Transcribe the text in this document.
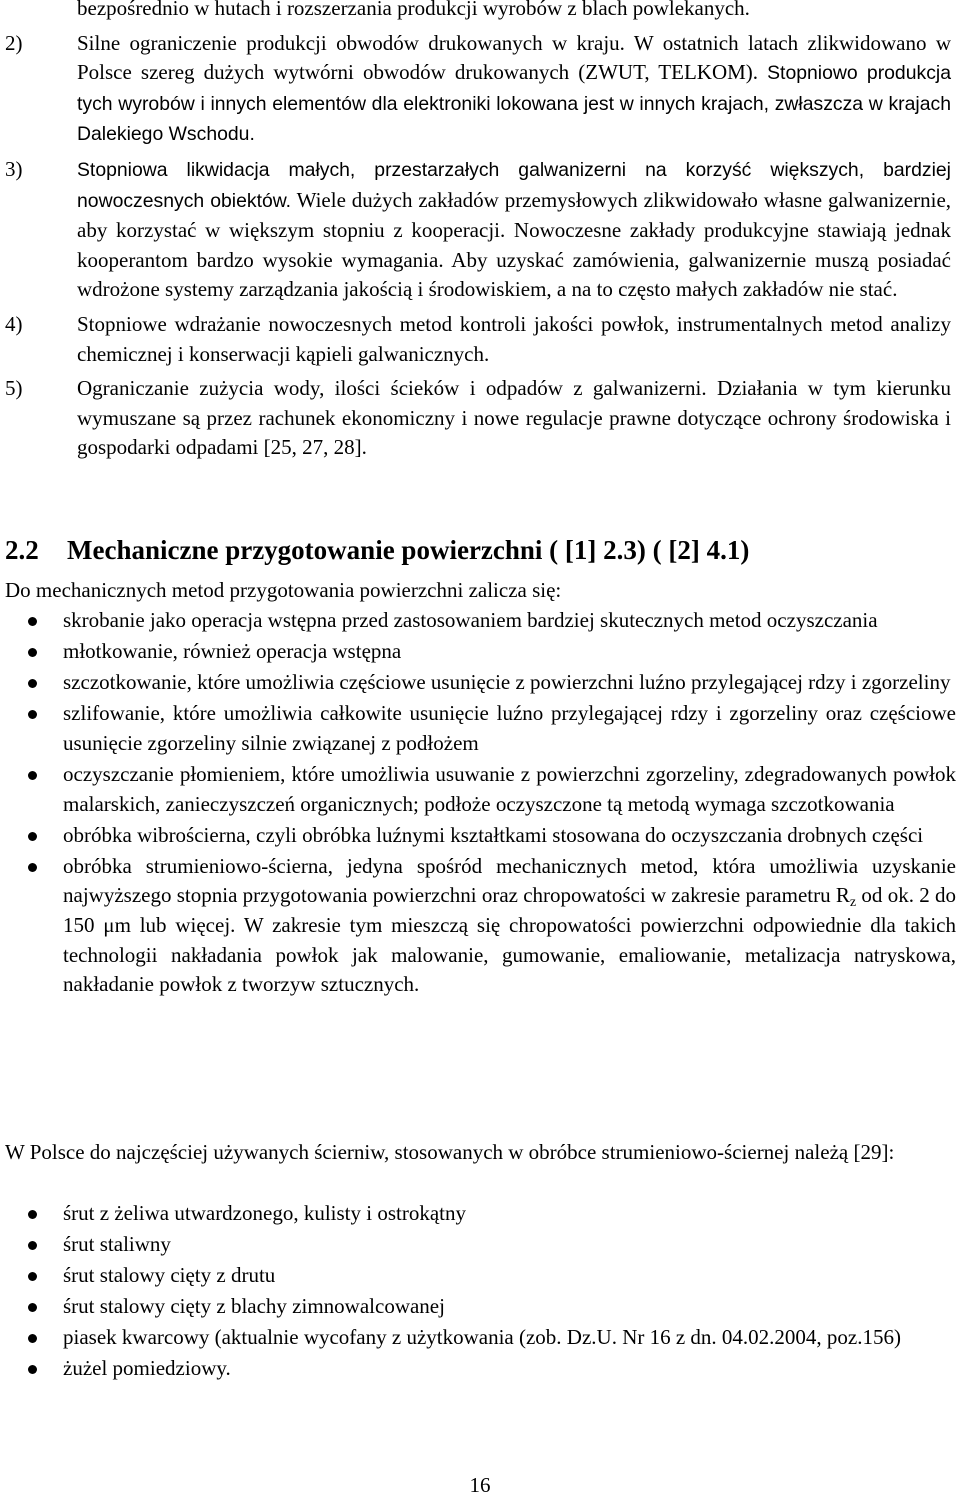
bezpośrednio w hutach i rozszerzania produkcji wyrobów z blach powlekanych.
2)	Silne ograniczenie produkcji obwodów drukowanych w kraju. W ostatnich latach zlikwidowano w Polsce szereg dużych wytwórni obwodów drukowanych (ZWUT, TELKOM). Stopniowo produkcja tych wyrobów i innych elementów dla elektroniki lokowana jest w innych krajach, zwłaszcza w krajach Dalekiego Wschodu.
3)	Stopniowa likwidacja małych, przestarzałych galwanizerni na korzyść większych, bardziej nowoczesnych obiektów. Wiele dużych zakładów przemysłowych zlikwidowało własne galwanizernie, aby korzystać w większym stopniu z kooperacji. Nowoczesne zakłady produkcyjne stawiają jednak kooperantom bardzo wysokie wymagania. Aby uzyskać zamówienia, galwanizernie muszą posiadać wdrożone systemy zarządzania jakością i środowiskiem, a na to często małych zakładów nie stać.
4)	Stopniowe wdrażanie nowoczesnych metod kontroli jakości powłok, instrumentalnych metod analizy chemicznej i konserwacji kąpieli galwanicznych.
5)	Ograniczanie zużycia wody, ilości ścieków i odpadów z galwanizerni. Działania w tym kierunku wymuszane są przez rachunek ekonomiczny i nowe regulacje prawne dotyczące ochrony środowiska i gospodarki odpadami [25, 27, 28].
2.2 Mechaniczne przygotowanie powierzchni ( [1] 2.3) ( [2] 4.1)
Do mechanicznych metod przygotowania powierzchni zalicza się:
skrobanie jako operacja wstępna przed zastosowaniem bardziej skutecznych metod oczyszczania
młotkowanie, również operacja wstępna
szczotkowanie, które umożliwia częściowe usunięcie z powierzchni luźno przylegającej rdzy i zgorzeliny
szlifowanie, które umożliwia całkowite usunięcie luźno przylegającej rdzy i zgorzeliny oraz częściowe usunięcie zgorzeliny silnie związanej z podłożem
oczyszczanie płomieniem, które umożliwia usuwanie z powierzchni zgorzeliny, zdegradowanych powłok malarskich, zanieczyszczeń organicznych; podłoże oczyszczone tą metodą wymaga szczotkowania
obróbka wibrościerna, czyli obróbka luźnymi kształtkami stosowana do oczyszczania drobnych części
obróbka strumieniowo-ścierna, jedyna spośród mechanicznych metod, która umożliwia uzyskanie najwyższego stopnia przygotowania powierzchni oraz chropowatości w zakresie parametru $R_z$ od ok. 2 do 150 μm lub więcej. W zakresie tym mieszczą się chropowatości powierzchni odpowiednie dla takich technologii nakładania powłok jak malowanie, gumowanie, emaliowanie, metalizacja natryskowa, nakładanie powłok z tworzyw sztucznych.
W Polsce do najczęściej używanych ścierniw, stosowanych w obróbce strumieniowo-ściernej należą [29]:
śrut z żeliwa utwardzonego, kulisty i ostrokątny
śrut staliwny
śrut stalowy cięty z drutu
śrut stalowy cięty z blachy zimnowalcowanej
piasek kwarcowy (aktualnie wycofany z użytkowania (zob. Dz.U. Nr 16 z dn. 04.02.2004, poz.156)
żużel pomiedziowy.
16
